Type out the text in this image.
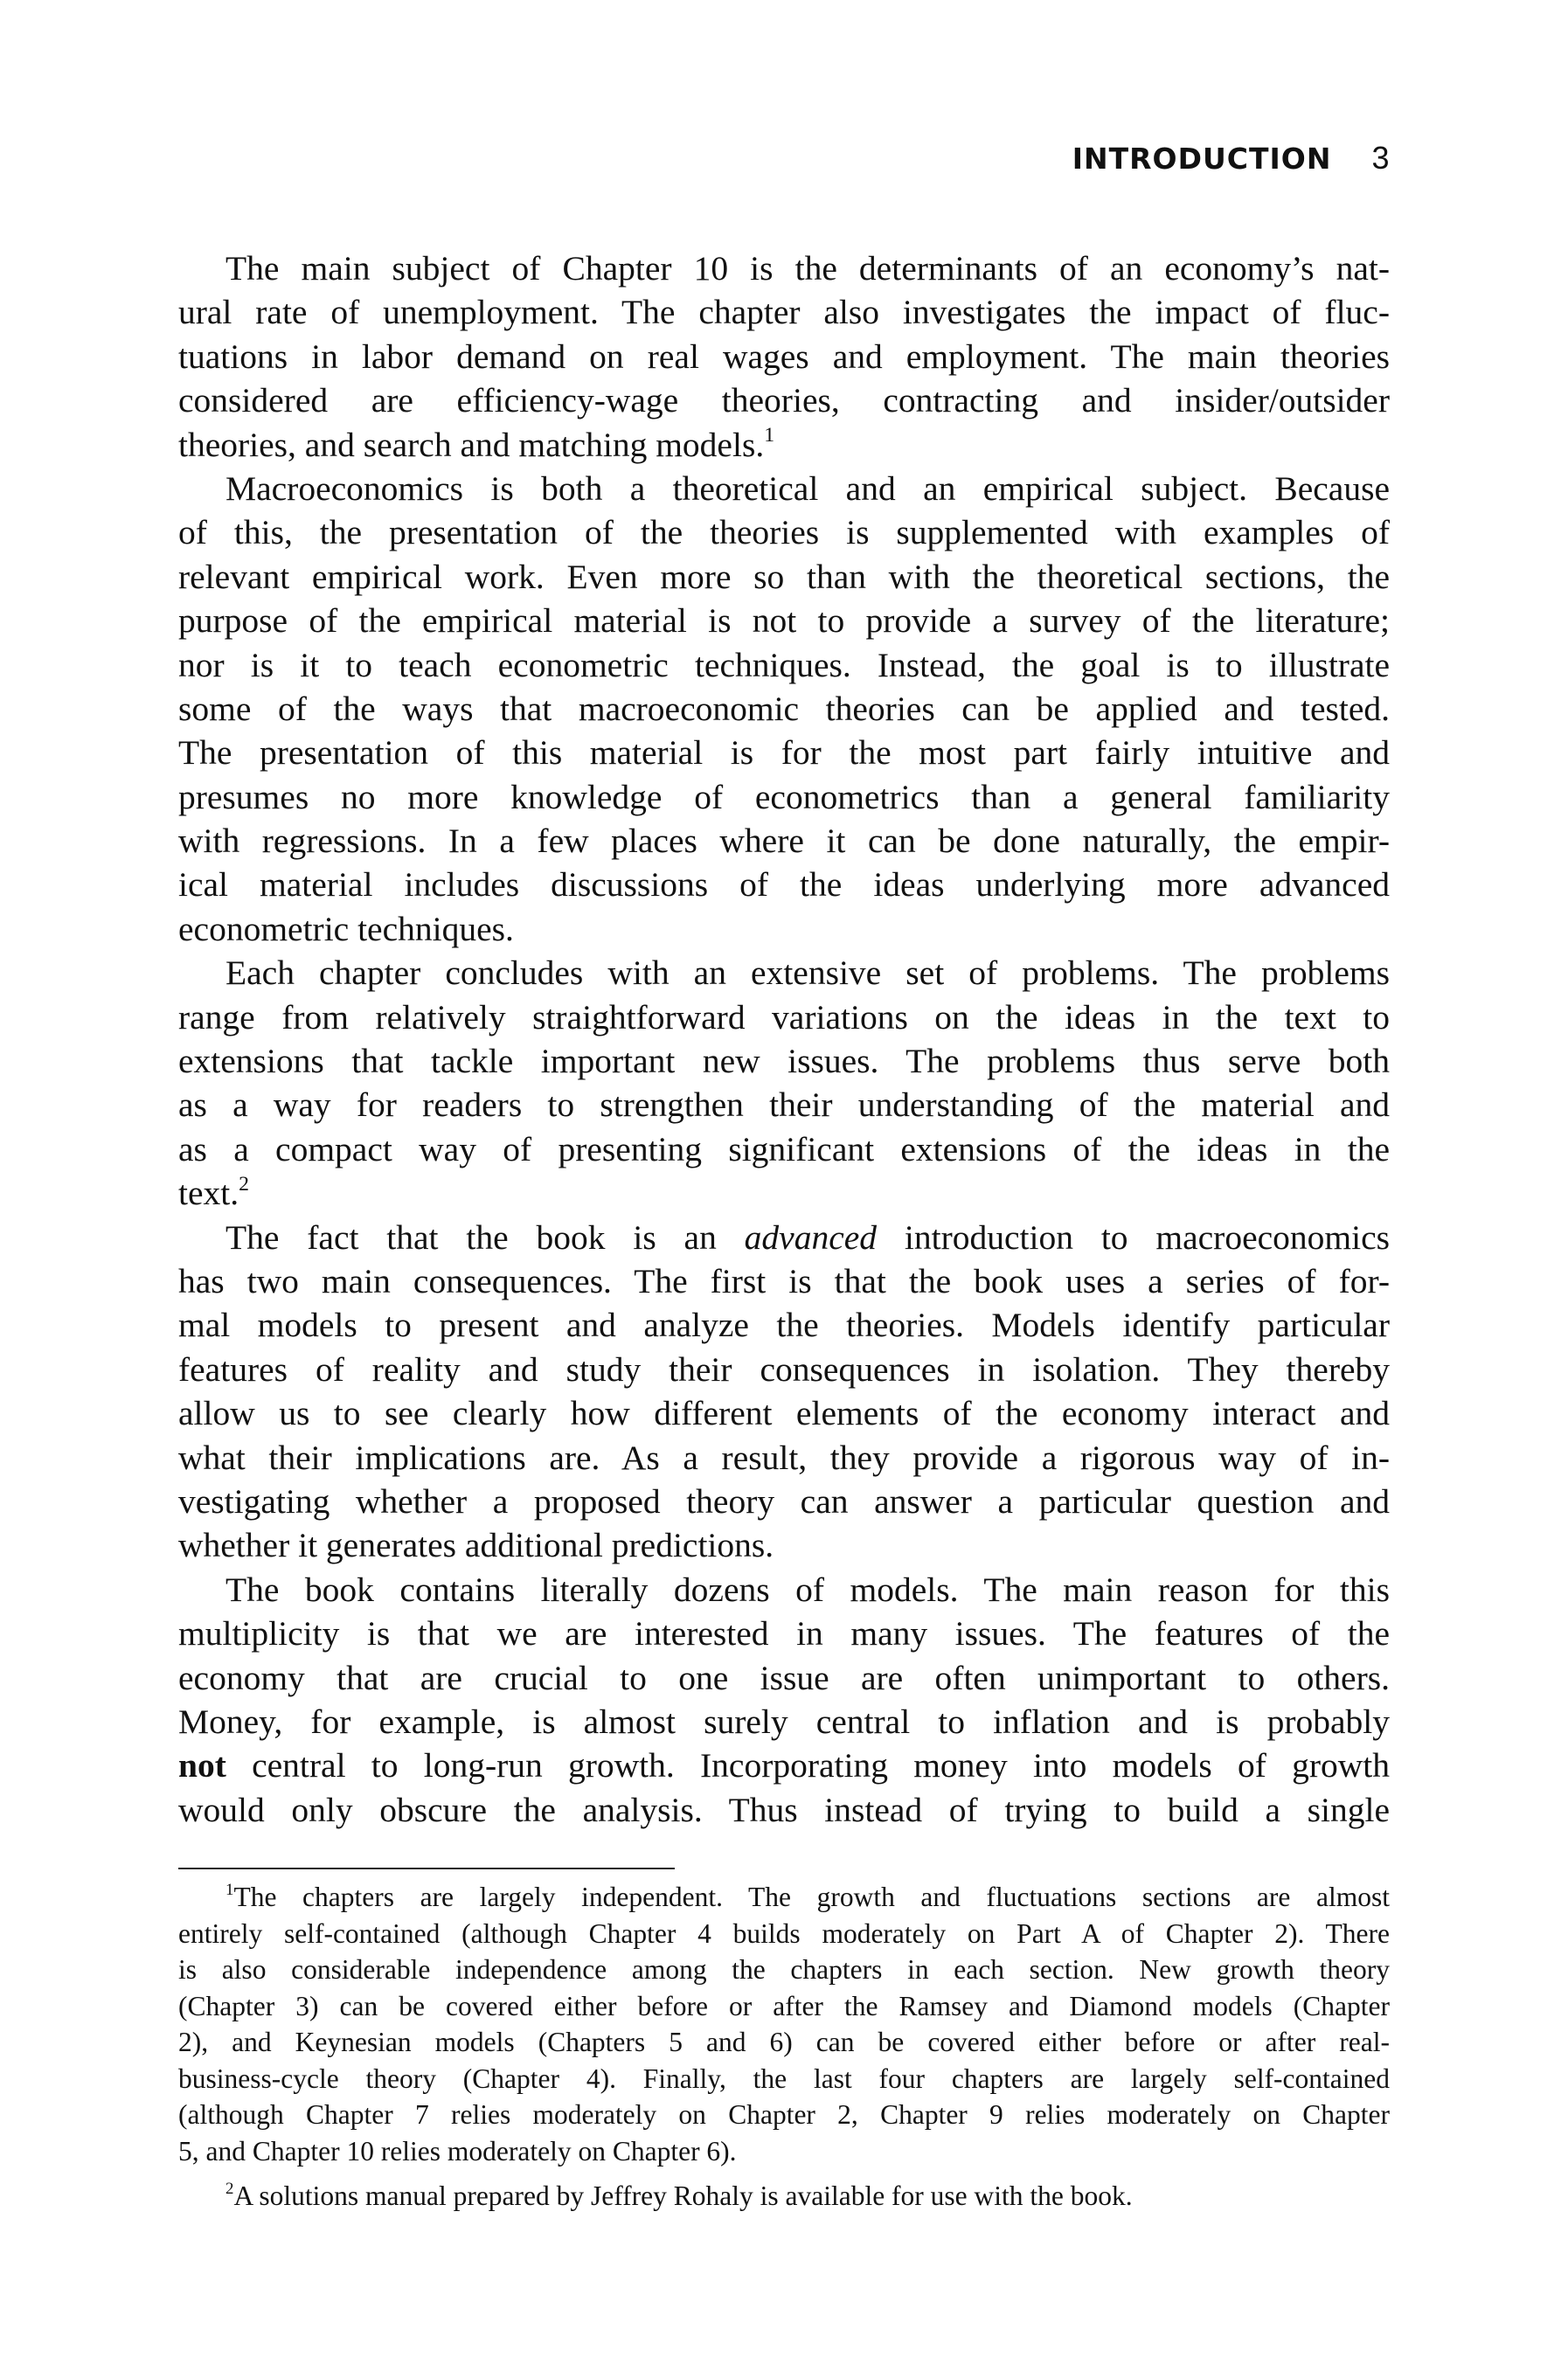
INTRODUCTION 3
The main subject of Chapter 10 is the determinants of an economy’s nat-
ural rate of unemployment. The chapter also investigates the impact of fluc-
tuations in labor demand on real wages and employment. The main theories
considered are efficiency-wage theories, contracting and insider/outsider
theories, and search and matching models.$^1$
Macroeconomics is both a theoretical and an empirical subject. Because
of this, the presentation of the theories is supplemented with examples of
relevant empirical work. Even more so than with the theoretical sections, the
purpose of the empirical material is not to provide a survey of the literature;
nor is it to teach econometric techniques. Instead, the goal is to illustrate
some of the ways that macroeconomic theories can be applied and tested.
The presentation of this material is for the most part fairly intuitive and
presumes no more knowledge of econometrics than a general familiarity
with regressions. In a few places where it can be done naturally, the empir-
ical material includes discussions of the ideas underlying more advanced
econometric techniques.
Each chapter concludes with an extensive set of problems. The problems
range from relatively straightforward variations on the ideas in the text to
extensions that tackle important new issues. The problems thus serve both
as a way for readers to strengthen their understanding of the material and
as a compact way of presenting significant extensions of the ideas in the
text.$^2$
The fact that the book is an advanced introduction to macroeconomics
has two main consequences. The first is that the book uses a series of for-
mal models to present and analyze the theories. Models identify particular
features of reality and study their consequences in isolation. They thereby
allow us to see clearly how different elements of the economy interact and
what their implications are. As a result, they provide a rigorous way of in-
vestigating whether a proposed theory can answer a particular question and
whether it generates additional predictions.
The book contains literally dozens of models. The main reason for this
multiplicity is that we are interested in many issues. The features of the
economy that are crucial to one issue are often unimportant to others.
Money, for example, is almost surely central to inflation and is probably
not central to long-run growth. Incorporating money into models of growth
would only obscure the analysis. Thus instead of trying to build a single
$^1$The chapters are largely independent. The growth and fluctuations sections are almost
entirely self-contained (although Chapter 4 builds moderately on Part A of Chapter 2). There
is also considerable independence among the chapters in each section. New growth theory
(Chapter 3) can be covered either before or after the Ramsey and Diamond models (Chapter
2), and Keynesian models (Chapters 5 and 6) can be covered either before or after real-
business-cycle theory (Chapter 4). Finally, the last four chapters are largely self-contained
(although Chapter 7 relies moderately on Chapter 2, Chapter 9 relies moderately on Chapter
5, and Chapter 10 relies moderately on Chapter 6).
$^2$A solutions manual prepared by Jeffrey Rohaly is available for use with the book.
